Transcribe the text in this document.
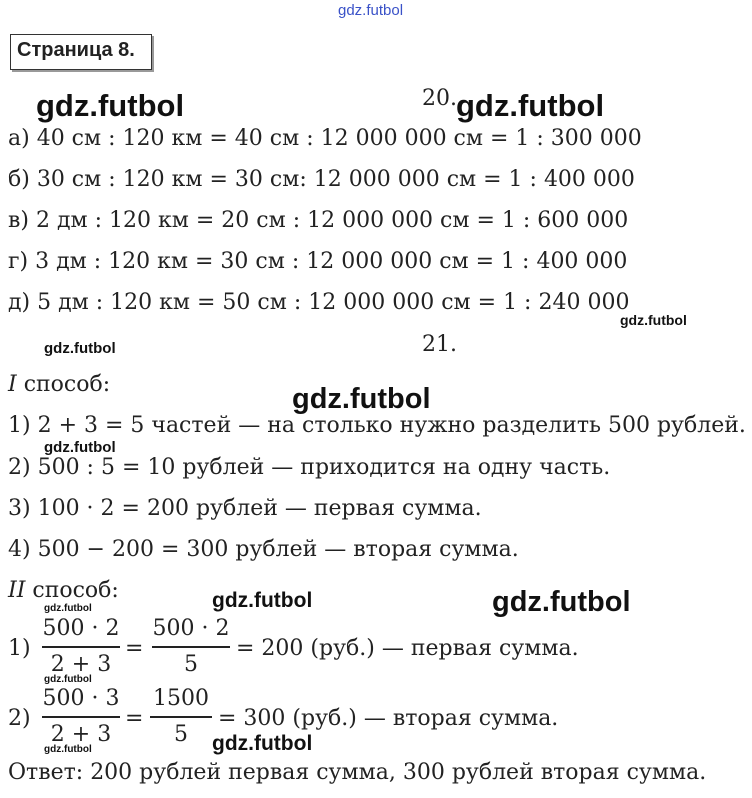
gdz.futbol
Страница 8.
20.
а) 40 см : 120 км = 40 см : 12 000 000 см = 1 : 300 000
б) 30 см : 120 км = 30 см: 12 000 000 см = 1 : 400 000
в) 2 дм : 120 км = 20 см : 12 000 000 см = 1 : 600 000
г) 3 дм : 120 км = 30 см : 12 000 000 см = 1 : 400 000
д) 5 дм : 120 км = 50 см : 12 000 000 см = 1 : 240 000
21.
I способ:
1) 2 + 3 = 5 частей — на столько нужно разделить 500 рублей.
2) 500 : 5 = 10 рублей — приходится на одну часть.
3) 100 · 2 = 200 рублей — первая сумма.
4) 500 − 200 = 300 рублей — вторая сумма.
II способ:
1)
500 · 2
2 + 3
=
500 · 2
5
= 200 (руб.) — первая сумма.
2)
500 · 3
2 + 3
=
1500
5
= 300 (руб.) — вторая сумма.
Ответ: 200 рублей первая сумма, 300 рублей вторая сумма.
gdz.futbol	gdz.futbol
gdz.futbol
gdz.futbol
gdz.futbol
gdz.futbol
gdz.futbol	gdz.futbol
gdz.futbol
gdz.futbol
gdz.futbol
gdz.futbol
